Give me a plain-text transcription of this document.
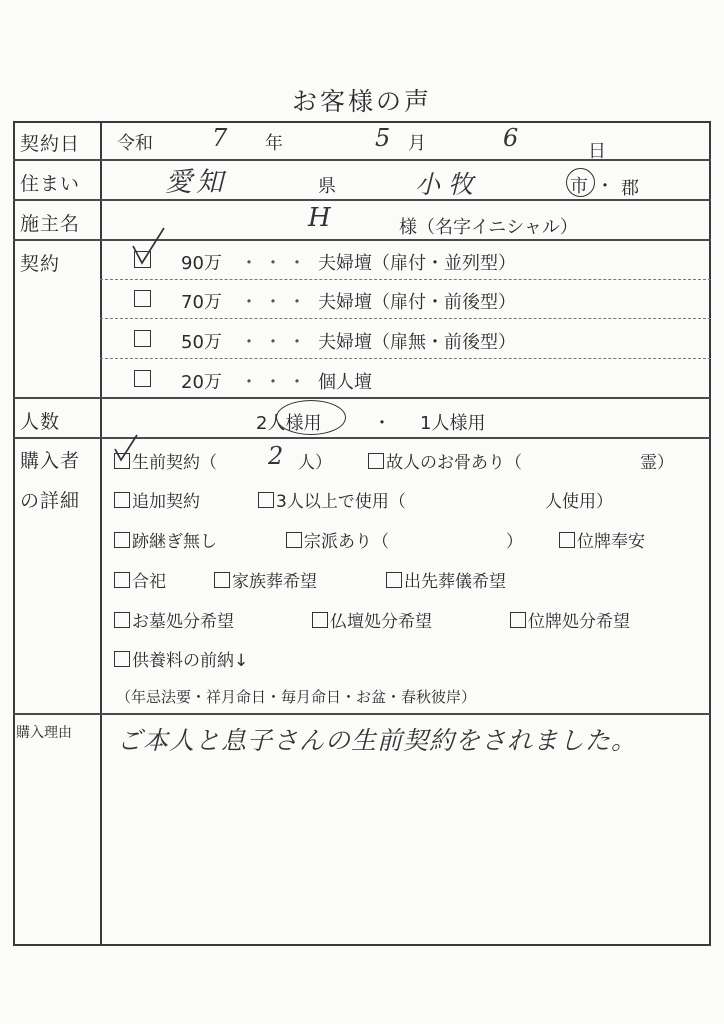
お客様の声
契約日 令和 7 年	5 月	6	日
住まい	愛知	県	小牧	市 ・ 郡
施主名	H	様（名字イニシャル）
契約	90万 ・・・ 夫婦壇（扉付・並列型）
70万 ・・・ 夫婦壇（扉付・前後型）
50万 ・・・ 夫婦壇（扉無・前後型）
20万 ・・・ 個人壇
人数	2人様用	・ 1人様用
購入者
の詳細
生前契約（ 2 人）	故人のお骨あり（	霊）
追加契約	3人以上で使用（	人使用）
跡継ぎ無し	宗派あり（	）	位牌奉安
合祀	家族葬希望	出先葬儀希望
お墓処分希望	仏壇処分希望	位牌処分希望
供養料の前納↓
（年忌法要・祥月命日・毎月命日・お盆・春秋彼岸）
購入理由 ご本人と息子さんの生前契約をされました。
